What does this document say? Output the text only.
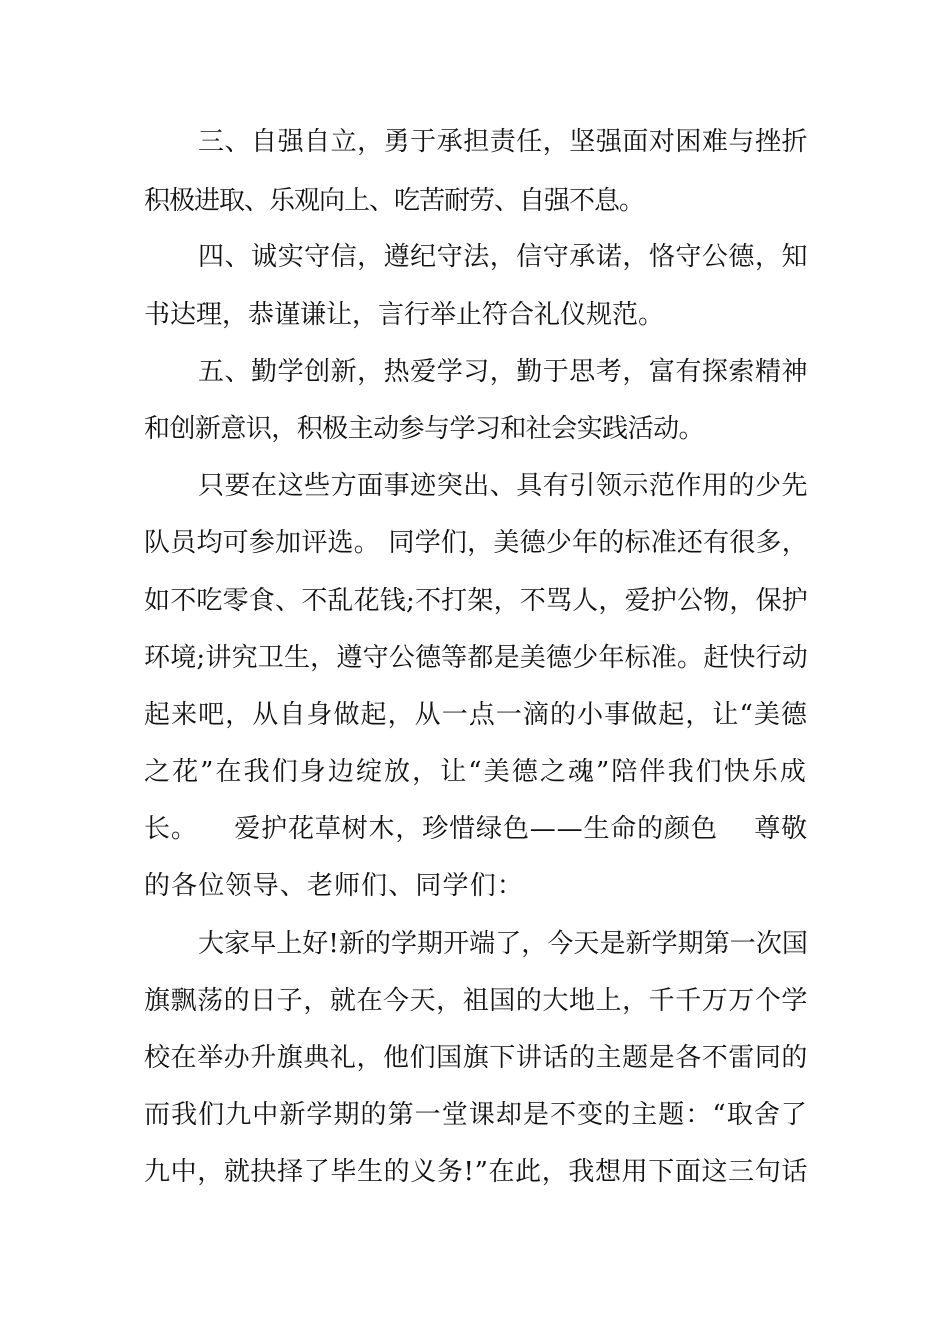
三、自强自立，勇于承担责任，坚强面对困难与挫折
积极进取、乐观向上、吃苦耐劳、自强不息。
四、诚实守信，遵纪守法，信守承诺，恪守公德，知
书达理，恭谨谦让，言行举止符合礼仪规范。
五、勤学创新，热爱学习，勤于思考，富有探索精神
和创新意识，积极主动参与学习和社会实践活动。
只要在这些方面事迹突出、具有引领示范作用的少先
队员均可参加评选。 同学们，美德少年的标准还有很多，
如不吃零食、不乱花钱;不打架，不骂人，爱护公物，保护
环境;讲究卫生，遵守公德等都是美德少年标准。赶快行动
起来吧，从自身做起，从一点一滴的小事做起，让“美德
之花”在我们身边绽放，让“美德之魂”陪伴我们快乐成
长。    爱护花草树木，珍惜绿色——生命的颜色    尊敬
的各位领导、老师们、同学们：
大家早上好!新的学期开端了，今天是新学期第一次国
旗飘荡的日子，就在今天，祖国的大地上，千千万万个学
校在举办升旗典礼，他们国旗下讲话的主题是各不雷同的
而我们九中新学期的第一堂课却是不变的主题：“取舍了
九中，就抉择了毕生的义务!”在此，我想用下面这三句话
